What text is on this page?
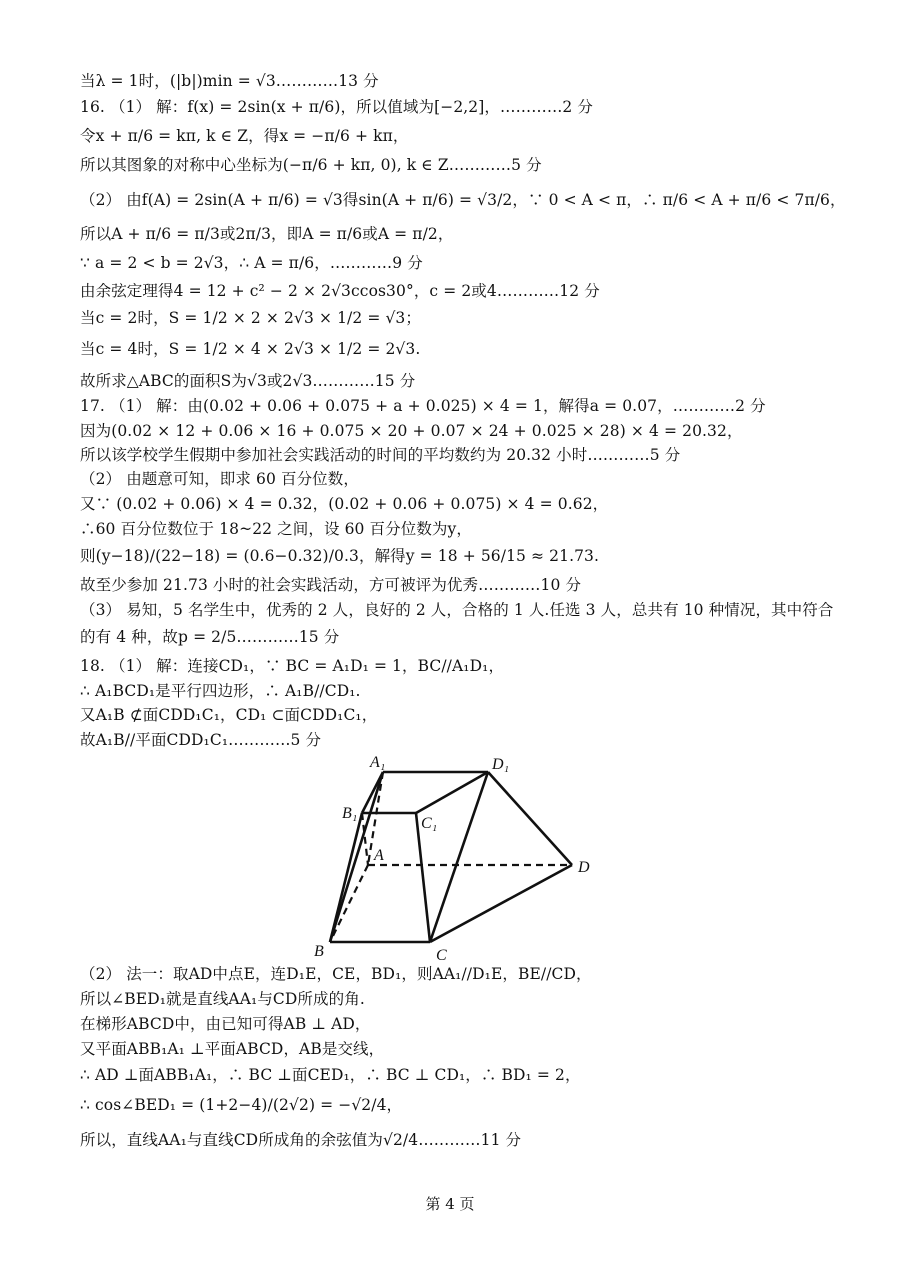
当λ = 1时，(|b|)min = √3…………13 分
16. （1） 解：f(x) = 2sin(x + π/6)，所以值域为[−2,2]，…………2 分
令x + π/6 = kπ, k ∈ Z，得x = −π/6 + kπ，
所以其图象的对称中心坐标为(−π/6 + kπ, 0), k ∈ Z…………5 分
（2） 由f(A) = 2sin(A + π/6) = √3得sin(A + π/6) = √3/2，∵ 0 < A < π，∴ π/6 < A + π/6 < 7π/6，
所以A + π/6 = π/3或2π/3，即A = π/6或A = π/2，
∵ a = 2 < b = 2√3，∴ A = π/6，…………9 分
由余弦定理得4 = 12 + c² − 2 × 2√3ccos30°，c = 2或4…………12 分
当c = 2时，S = 1/2 × 2 × 2√3 × 1/2 = √3；
当c = 4时，S = 1/2 × 4 × 2√3 × 1/2 = 2√3.
故所求△ABC的面积S为√3或2√3…………15 分
17. （1） 解：由(0.02 + 0.06 + 0.075 + a + 0.025) × 4 = 1，解得a = 0.07，…………2 分
因为(0.02 × 12 + 0.06 × 16 + 0.075 × 20 + 0.07 × 24 + 0.025 × 28) × 4 = 20.32，
所以该学校学生假期中参加社会实践活动的时间的平均数约为 20.32 小时…………5 分
（2） 由题意可知，即求 60 百分位数，
又∵ (0.02 + 0.06) × 4 = 0.32，(0.02 + 0.06 + 0.075) × 4 = 0.62，
∴60 百分位数位于 18~22 之间，设 60 百分位数为y，
则(y−18)/(22−18) = (0.6−0.32)/0.3，解得y = 18 + 56/15 ≈ 21.73.
故至少参加 21.73 小时的社会实践活动，方可被评为优秀…………10 分
（3） 易知，5 名学生中，优秀的 2 人，良好的 2 人，合格的 1 人.任选 3 人，总共有 10 种情况，其中符合
的有 4 种，故p = 2/5…………15 分
18. （1） 解：连接CD₁，∵ BC = A₁D₁ = 1，BC//A₁D₁，
∴ A₁BCD₁是平行四边形，∴ A₁B//CD₁.
又A₁B ⊄面CDD₁C₁，CD₁ ⊂面CDD₁C₁，
故A₁B//平面CDD₁C₁…………5 分
A₁	D₁
B₁
C₁
A
D
B	C
（2） 法一：取AD中点E，连D₁E，CE，BD₁，则AA₁//D₁E，BE//CD，
所以∠BED₁就是直线AA₁与CD所成的角.
在梯形ABCD中，由已知可得AB ⊥ AD，
又平面ABB₁A₁ ⊥平面ABCD，AB是交线，
∴ AD ⊥面ABB₁A₁，∴ BC ⊥面CED₁，∴ BC ⊥ CD₁，∴ BD₁ = 2，
∴ cos∠BED₁ = (1+2−4)/(2√2) = −√2/4，
所以，直线AA₁与直线CD所成角的余弦值为√2/4…………11 分
第 4 页
